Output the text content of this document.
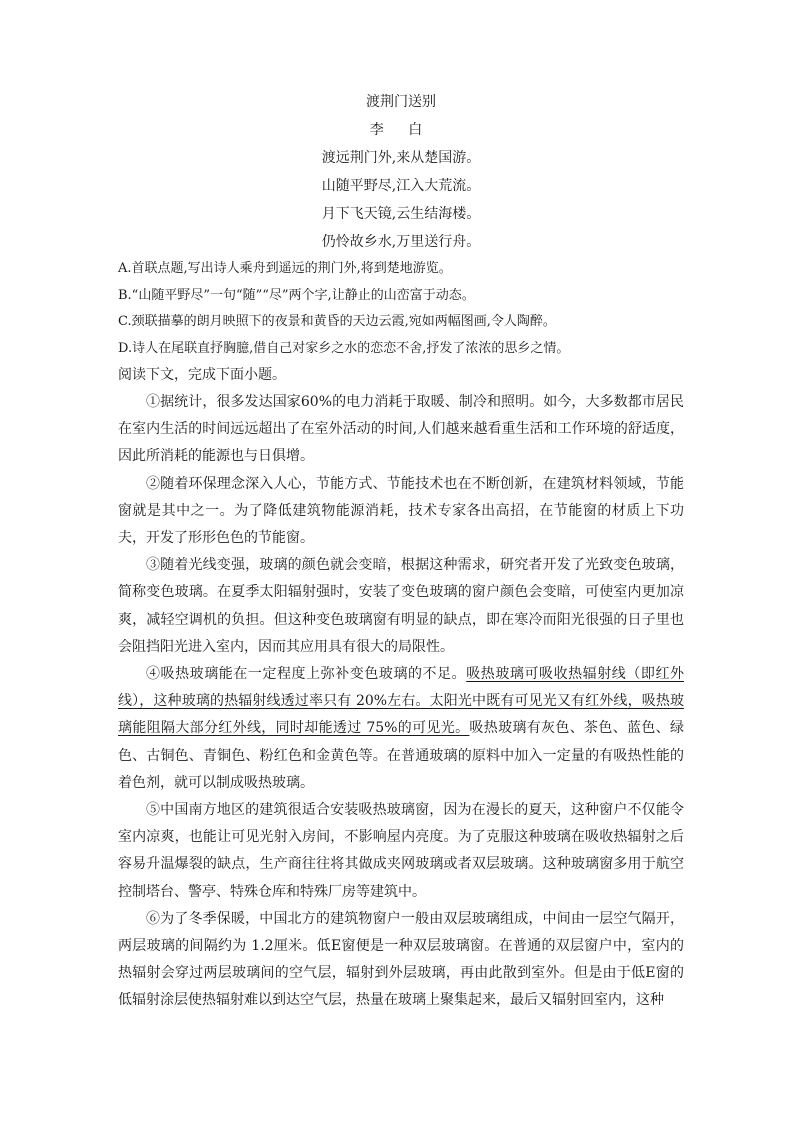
渡荆门送别
李 白
渡远荆门外,来从楚国游。
山随平野尽,江入大荒流。
月下飞天镜,云生结海楼。
仍怜故乡水,万里送行舟。
A.首联点题,写出诗人乘舟到遥远的荆门外,将到楚地游览。
B.“山随平野尽”一句“随”“尽”两个字,让静止的山峦富于动态。
C.颈联描摹的朗月映照下的夜景和黄昏的天边云霞,宛如两幅图画,令人陶醉。
D.诗人在尾联直抒胸臆,借自己对家乡之水的恋恋不舍,抒发了浓浓的思乡之情。
阅读下文，完成下面小题。

①据统计，很多发达国家60%的电力消耗于取暖、制冷和照明。如今，大多数都市居民在室内生活的时间远远超出了在室外活动的时间,人们越来越看重生活和工作环境的舒适度，因此所消耗的能源也与日俱增。

②随着环保理念深入人心，节能方式、节能技术也在不断创新，在建筑材料领域，节能窗就是其中之一。为了降低建筑物能源消耗，技术专家各出高招，在节能窗的材质上下功夫，开发了形形色色的节能窗。

③随着光线变强，玻璃的颜色就会变暗，根据这种需求，研究者开发了光致变色玻璃，简称变色玻璃。在夏季太阳辐射强时，安装了变色玻璃的窗户颜色会变暗，可使室内更加凉爽，减轻空调机的负担。但这种变色玻璃窗有明显的缺点，即在寒冷而阳光很强的日子里也会阻挡阳光进入室内，因而其应用具有很大的局限性。

④吸热玻璃能在一定程度上弥补变色玻璃的不足。吸热玻璃可吸收热辐射线（即红外线），这种玻璃的热辐射线透过率只有 20%左右。太阳光中既有可见光又有红外线，吸热玻璃能阻隔大部分红外线，同时却能透过 75%的可见光。吸热玻璃有灰色、茶色、蓝色、绿色、古铜色、青铜色、粉红色和金黄色等。在普通玻璃的原料中加入一定量的有吸热性能的着色剂，就可以制成吸热玻璃。

⑤中国南方地区的建筑很适合安装吸热玻璃窗，因为在漫长的夏天，这种窗户不仅能令室内凉爽，也能让可见光射入房间，不影响屋内亮度。为了克服这种玻璃在吸收热辐射之后容易升温爆裂的缺点，生产商往往将其做成夹网玻璃或者双层玻璃。这种玻璃窗多用于航空控制塔台、警亭、特殊仓库和特殊厂房等建筑中。

⑥为了冬季保暖，中国北方的建筑物窗户一般由双层玻璃组成，中间由一层空气隔开，两层玻璃的间隔约为 1.2厘米。低E窗便是一种双层玻璃窗。在普通的双层窗户中，室内的热辐射会穿过两层玻璃间的空气层，辐射到外层玻璃，再由此散到室外。但是由于低E窗的低辐射涂层使热辐射难以到达空气层，热量在玻璃上聚集起来，最后又辐射回室内，这种
